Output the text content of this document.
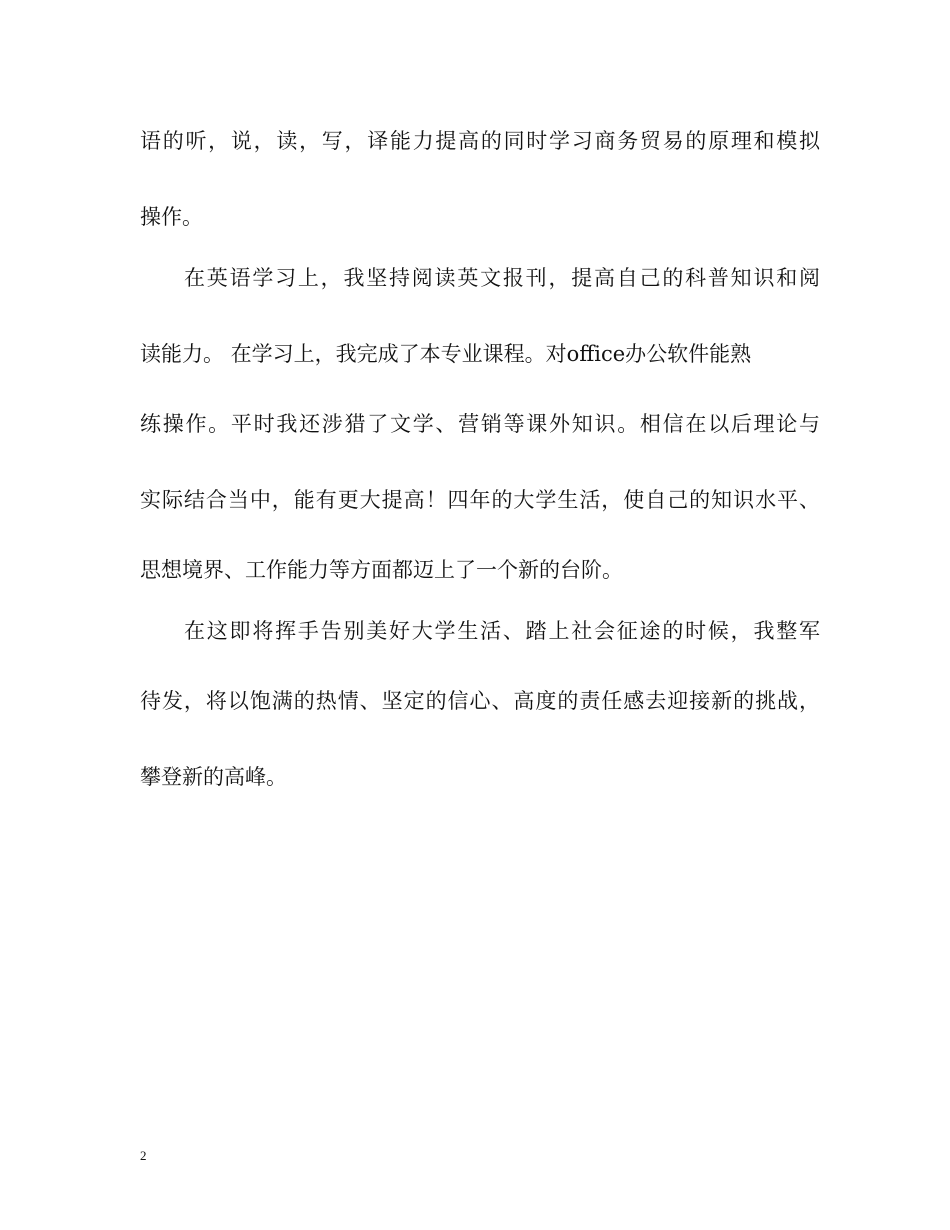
语的听，说，读，写，译能力提高的同时学习商务贸易的原理和模拟
操作。
在英语学习上，我坚持阅读英文报刊，提高自己的科普知识和阅
读能力。 在学习上，我完成了本专业课程。对office办公软件能熟
练操作。平时我还涉猎了文学、营销等课外知识。相信在以后理论与
实际结合当中，能有更大提高！四年的大学生活，使自己的知识水平、
思想境界、工作能力等方面都迈上了一个新的台阶。
在这即将挥手告别美好大学生活、踏上社会征途的时候，我整军
待发，将以饱满的热情、坚定的信心、高度的责任感去迎接新的挑战，
攀登新的高峰。
2
